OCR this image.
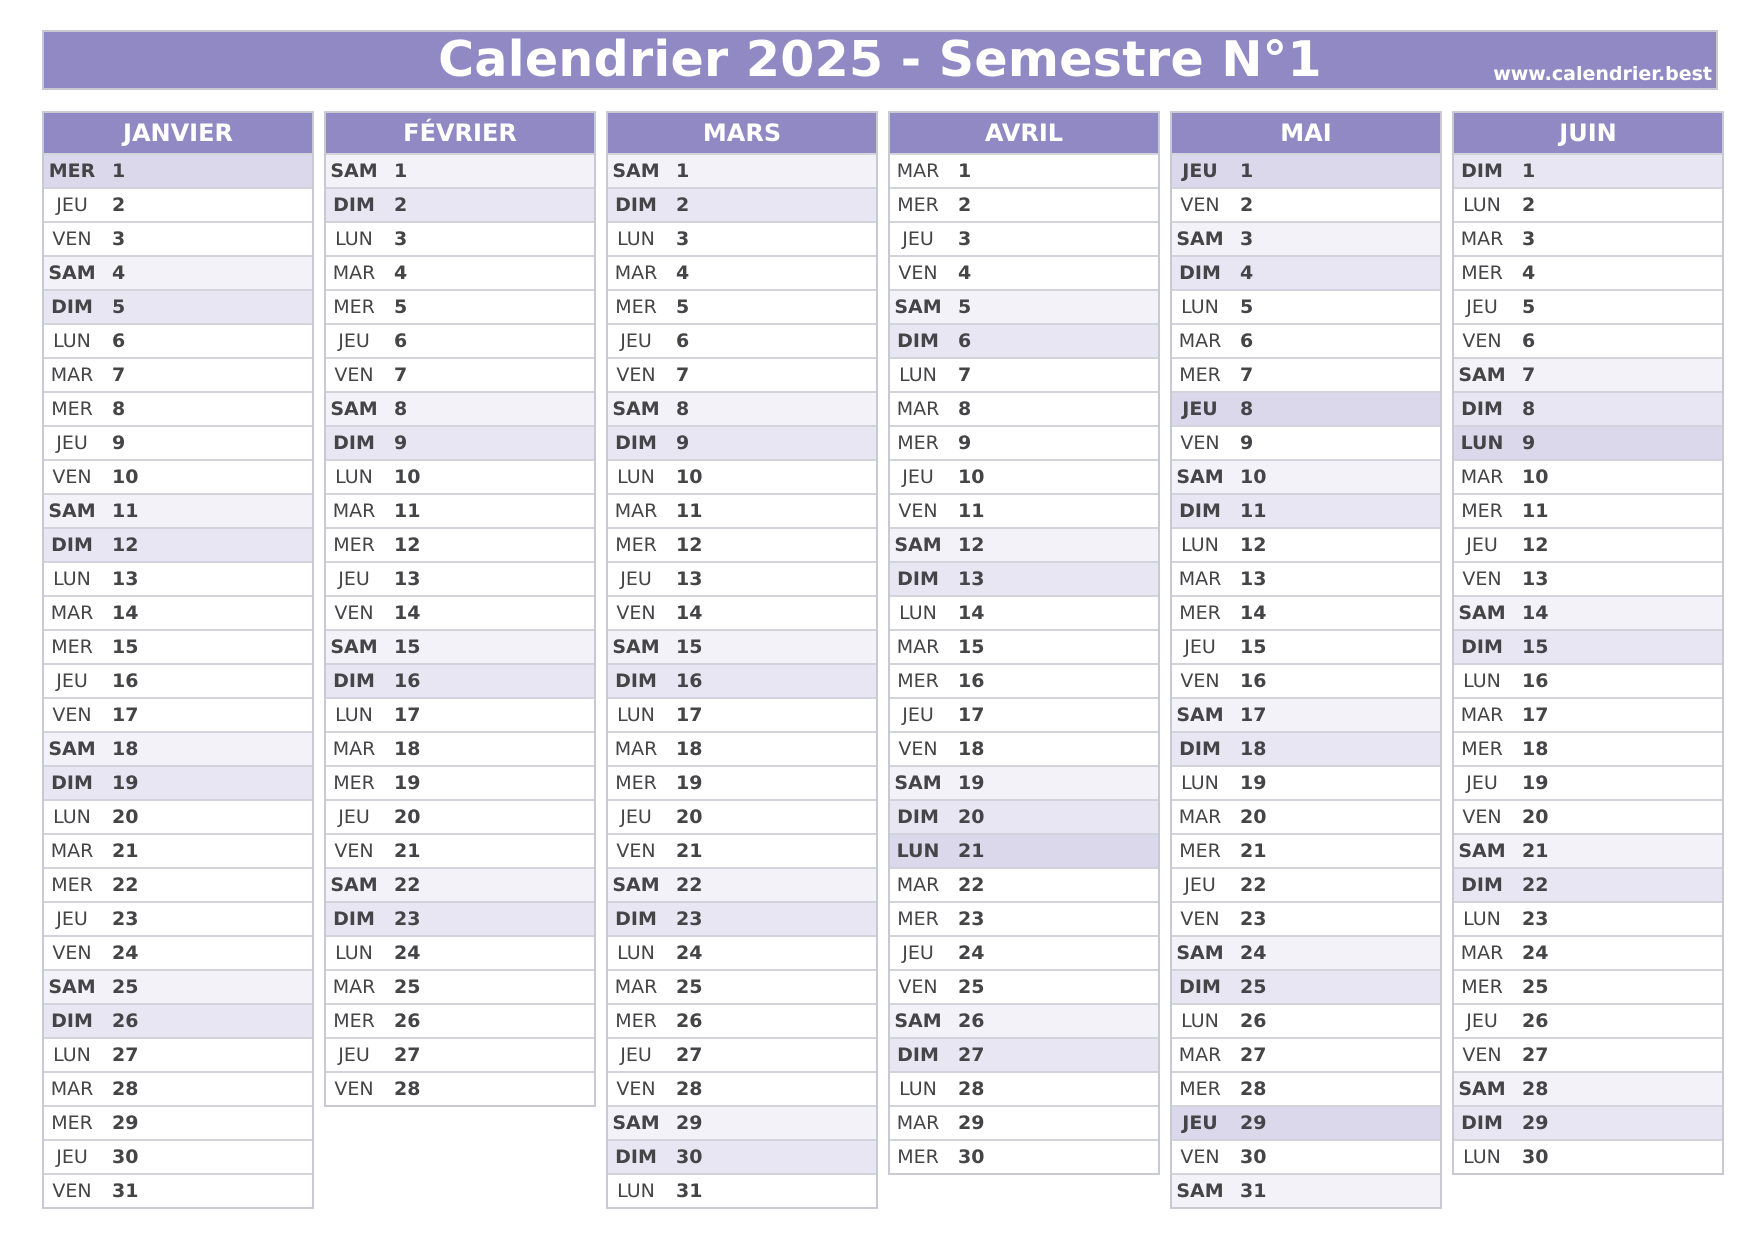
Calendrier 2025 - Semestre N°1	www.calendrier.best
JANVIER
MER 1
JEU	2
VEN	3
SAM 4
DIM	5
LUN	6
MAR 7
MER	8
JEU	9
VEN	10
SAM 11
DIM	12
LUN	13
MAR 14
MER	15
JEU	16
VEN	17
SAM 18
DIM	19
LUN	20
MAR 21
MER	22
JEU	23
VEN	24
SAM 25
DIM	26
LUN	27
MAR 28
MER	29
JEU	30
VEN	31
FÉVRIER
SAM 1
DIM	2
LUN	3
MAR 4
MER	5
JEU	6
VEN	7
SAM 8
DIM	9
LUN	10
MAR 11
MER	12
JEU	13
VEN	14
SAM 15
DIM	16
LUN	17
MAR 18
MER	19
JEU	20
VEN	21
SAM 22
DIM	23
LUN	24
MAR 25
MER	26
JEU	27
VEN	28
MARS
SAM 1
DIM	2
LUN	3
MAR 4
MER	5
JEU	6
VEN	7
SAM 8
DIM	9
LUN	10
MAR 11
MER	12
JEU	13
VEN	14
SAM 15
DIM	16
LUN	17
MAR 18
MER	19
JEU	20
VEN	21
SAM 22
DIM	23
LUN	24
MAR 25
MER	26
JEU	27
VEN	28
SAM 29
DIM	30
LUN	31
AVRIL
MAR 1
MER	2
JEU	3
VEN	4
SAM 5
DIM	6
LUN	7
MAR 8
MER	9
JEU	10
VEN	11
SAM 12
DIM	13
LUN	14
MAR 15
MER	16
JEU	17
VEN	18
SAM 19
DIM	20
LUN 21
MAR 22
MER	23
JEU	24
VEN	25
SAM 26
DIM	27
LUN	28
MAR 29
MER	30
MAI
JEU	1
VEN	2
SAM 3
DIM	4
LUN	5
MAR 6
MER	7
JEU	8
VEN	9
SAM 10
DIM	11
LUN	12
MAR 13
MER	14
JEU	15
VEN	16
SAM 17
DIM	18
LUN	19
MAR 20
MER	21
JEU	22
VEN	23
SAM 24
DIM	25
LUN	26
MAR 27
MER	28
JEU	29
VEN	30
SAM 31
JUIN
DIM	1
LUN	2
MAR 3
MER	4
JEU	5
VEN	6
SAM 7
DIM	8
LUN 9
MAR 10
MER	11
JEU	12
VEN	13
SAM 14
DIM	15
LUN	16
MAR 17
MER	18
JEU	19
VEN	20
SAM 21
DIM	22
LUN	23
MAR 24
MER	25
JEU	26
VEN	27
SAM 28
DIM	29
LUN	30
